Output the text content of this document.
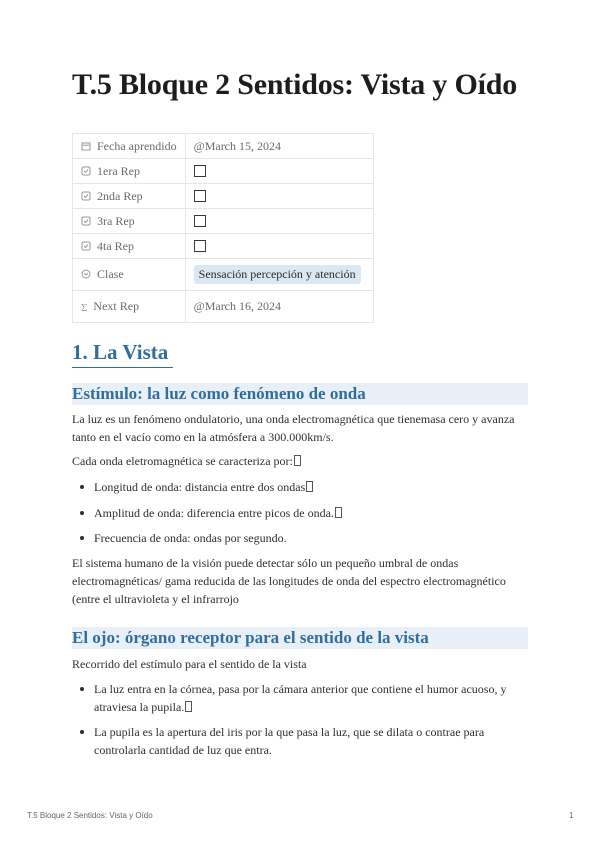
T.5 Bloque 2 Sentidos: Vista y Oído
Fecha aprendido	@March 15, 2024
1era Rep	
2nda Rep	
3ra Rep	
4ta Rep	
Clase	Sensación percepción y atención
Σ Next Rep	@March 16, 2024
1. La Vista
Estímulo: la luz como fenómeno de onda

La luz es un fenómeno ondulatorio, una onda electromagnética que tienemasa cero y avanza
tanto en el vacío como en la atmósfera a 300.000km/s.

Cada onda eletromagnética se caracteriza por:

Longitud de onda: distancia entre dos ondas
Amplitud de onda: diferencia entre picos de onda.
Frecuencia de onda: ondas por segundo.

El sistema humano de la visión puede detectar sólo un pequeño umbral de ondas
electromagnéticas/ gama reducida de las longitudes de onda del espectro electromagnético
(entre el ultravioleta y el infrarrojo

El ojo: órgano receptor para el sentido de la vista

Recorrido del estímulo para el sentido de la vista

La luz entra en la córnea, pasa por la cámara anterior que contiene el humor acuoso, y
atraviesa la pupila.
La pupila es la apertura del iris por la que pasa la luz, que se dilata o contrae para
controlarla cantidad de luz que entra.
T.5 Bloque 2 Sentidos: Vista y Oído	1
